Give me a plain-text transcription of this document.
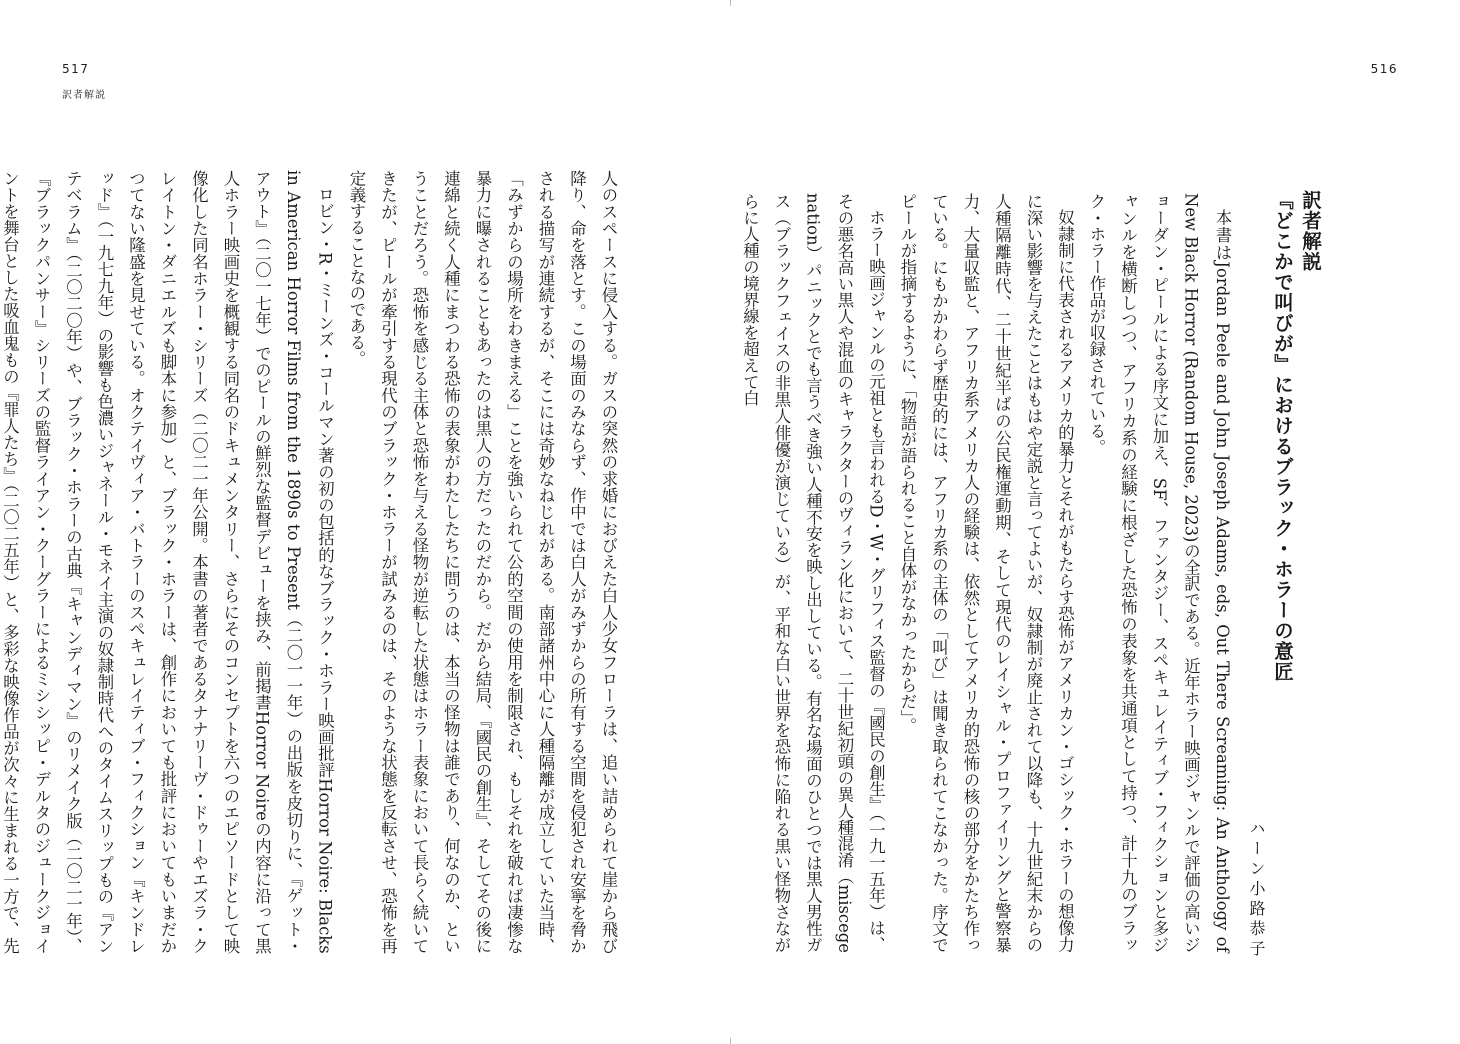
517
訳者解説

人のスペースに侵入する。ガスの突然の求婚におびえた白人少女フローラは、追い詰められて崖から飛び降り、命を落とす。この場面のみならず、作中では白人がみずからの所有する空間を侵犯され安寧を脅かされる描写が連続するが、そこには奇妙なねじれがある。南部諸州中心に人種隔離が成立していた当時、「みずからの場所をわきまえる」ことを強いられて公的空間の使用を制限され、もしそれを破れば凄惨な暴力に曝されることもあったのは黒人の方だったのだから。だから結局、『國民の創生』、そしてその後に連綿と続く人種にまつわる恐怖の表象がわたしたちに問うのは、本当の怪物は誰であり、何なのか、ということだろう。恐怖を感じる主体と恐怖を与える怪物が逆転した状態はホラー表象において長らく続いてきたが、ピールが牽引する現代のブラック・ホラーが試みるのは、そのような状態を反転させ、恐怖を再定義することなのである。

ロビン・R・ミーンズ・コールマン著の初の包括的なブラック・ホラー映画批評Horror Noire: Blacks in American Horror Films from the 1890s to Present（二〇一一年）の出版を皮切りに、『ゲット・アウト』（二〇一七年）でのピールの鮮烈な監督デビューを挟み、前掲書Horror Noireの内容に沿って黒人ホラー映画史を概観する同名のドキュメンタリー、さらにそのコンセプトを六つのエピソードとして映像化した同名ホラー・シリーズ（二〇二一年公開。本書の著者であるタナナリーヴ・ドゥーやエズラ・クレイトン・ダニエルズも脚本に参加）と、ブラック・ホラーは、創作においても批評においてもいまだかつてない隆盛を見せている。オクテイヴィア・バトラーのスペキュレイティブ・フィクション『キンドレッド』（一九七九年）の影響も色濃いジャネール・モネイ主演の奴隷制時代へのタイムスリップもの『アンテベラム』（二〇二〇年）や、ブラック・ホラーの古典『キャンディマン』のリメイク版（二〇二一年）、『ブラックパンサー』シリーズの監督ライアン・クーグラーによるミシシッピ・デルタのジュークジョイントを舞台とした吸血鬼もの『罪人たち』（二〇二五年）と、多彩な映像作品が次々に生まれる一方で、先

516
訳者解説
『どこかで叫びが』におけるブラック・ホラーの意匠
ハーン小路恭子

本書はJordan Peele and John Joseph Adams, eds, Out There Screaming: An Anthology of New Black Horror (Random House, 2023)の全訳である。近年ホラー映画ジャンルで評価の高いジョーダン・ピールによる序文に加え、SF、ファンタジー、スペキュレイティブ・フィクションと多ジャンルを横断しつつ、アフリカ系の経験に根ざした恐怖の表象を共通項として持つ、計十九のブラック・ホラー作品が収録されている。

奴隷制に代表されるアメリカ的暴力とそれがもたらす恐怖がアメリカン・ゴシック・ホラーの想像力に深い影響を与えたことはもはや定説と言ってよいが、奴隷制が廃止されて以降も、十九世紀末からの人種隔離時代、二十世紀半ばの公民権運動期、そして現代のレイシャル・プロファイリングと警察暴力、大量収監と、アフリカ系アメリカ人の経験は、依然としてアメリカ的恐怖の核の部分をかたち作っている。にもかかわらず歴史的には、アフリカ系の主体の「叫び」は聞き取られてこなかった。序文でピールが指摘するように、「物語が語られること自体がなかったからだ」。

ホラー映画ジャンルの元祖とも言われるD・W・グリフィス監督の『國民の創生』（一九一五年）は、その悪名高い黒人や混血のキャラクターのヴィラン化において、二十世紀初頭の異人種混淆（miscegenation）パニックとでも言うべき強い人種不安を映し出している。有名な場面のひとつでは黒人男性ガス（ブラックフェイスの非黒人俳優が演じている）が、平和な白い世界を恐怖に陥れる黒い怪物さながらに人種の境界線を超えて白
